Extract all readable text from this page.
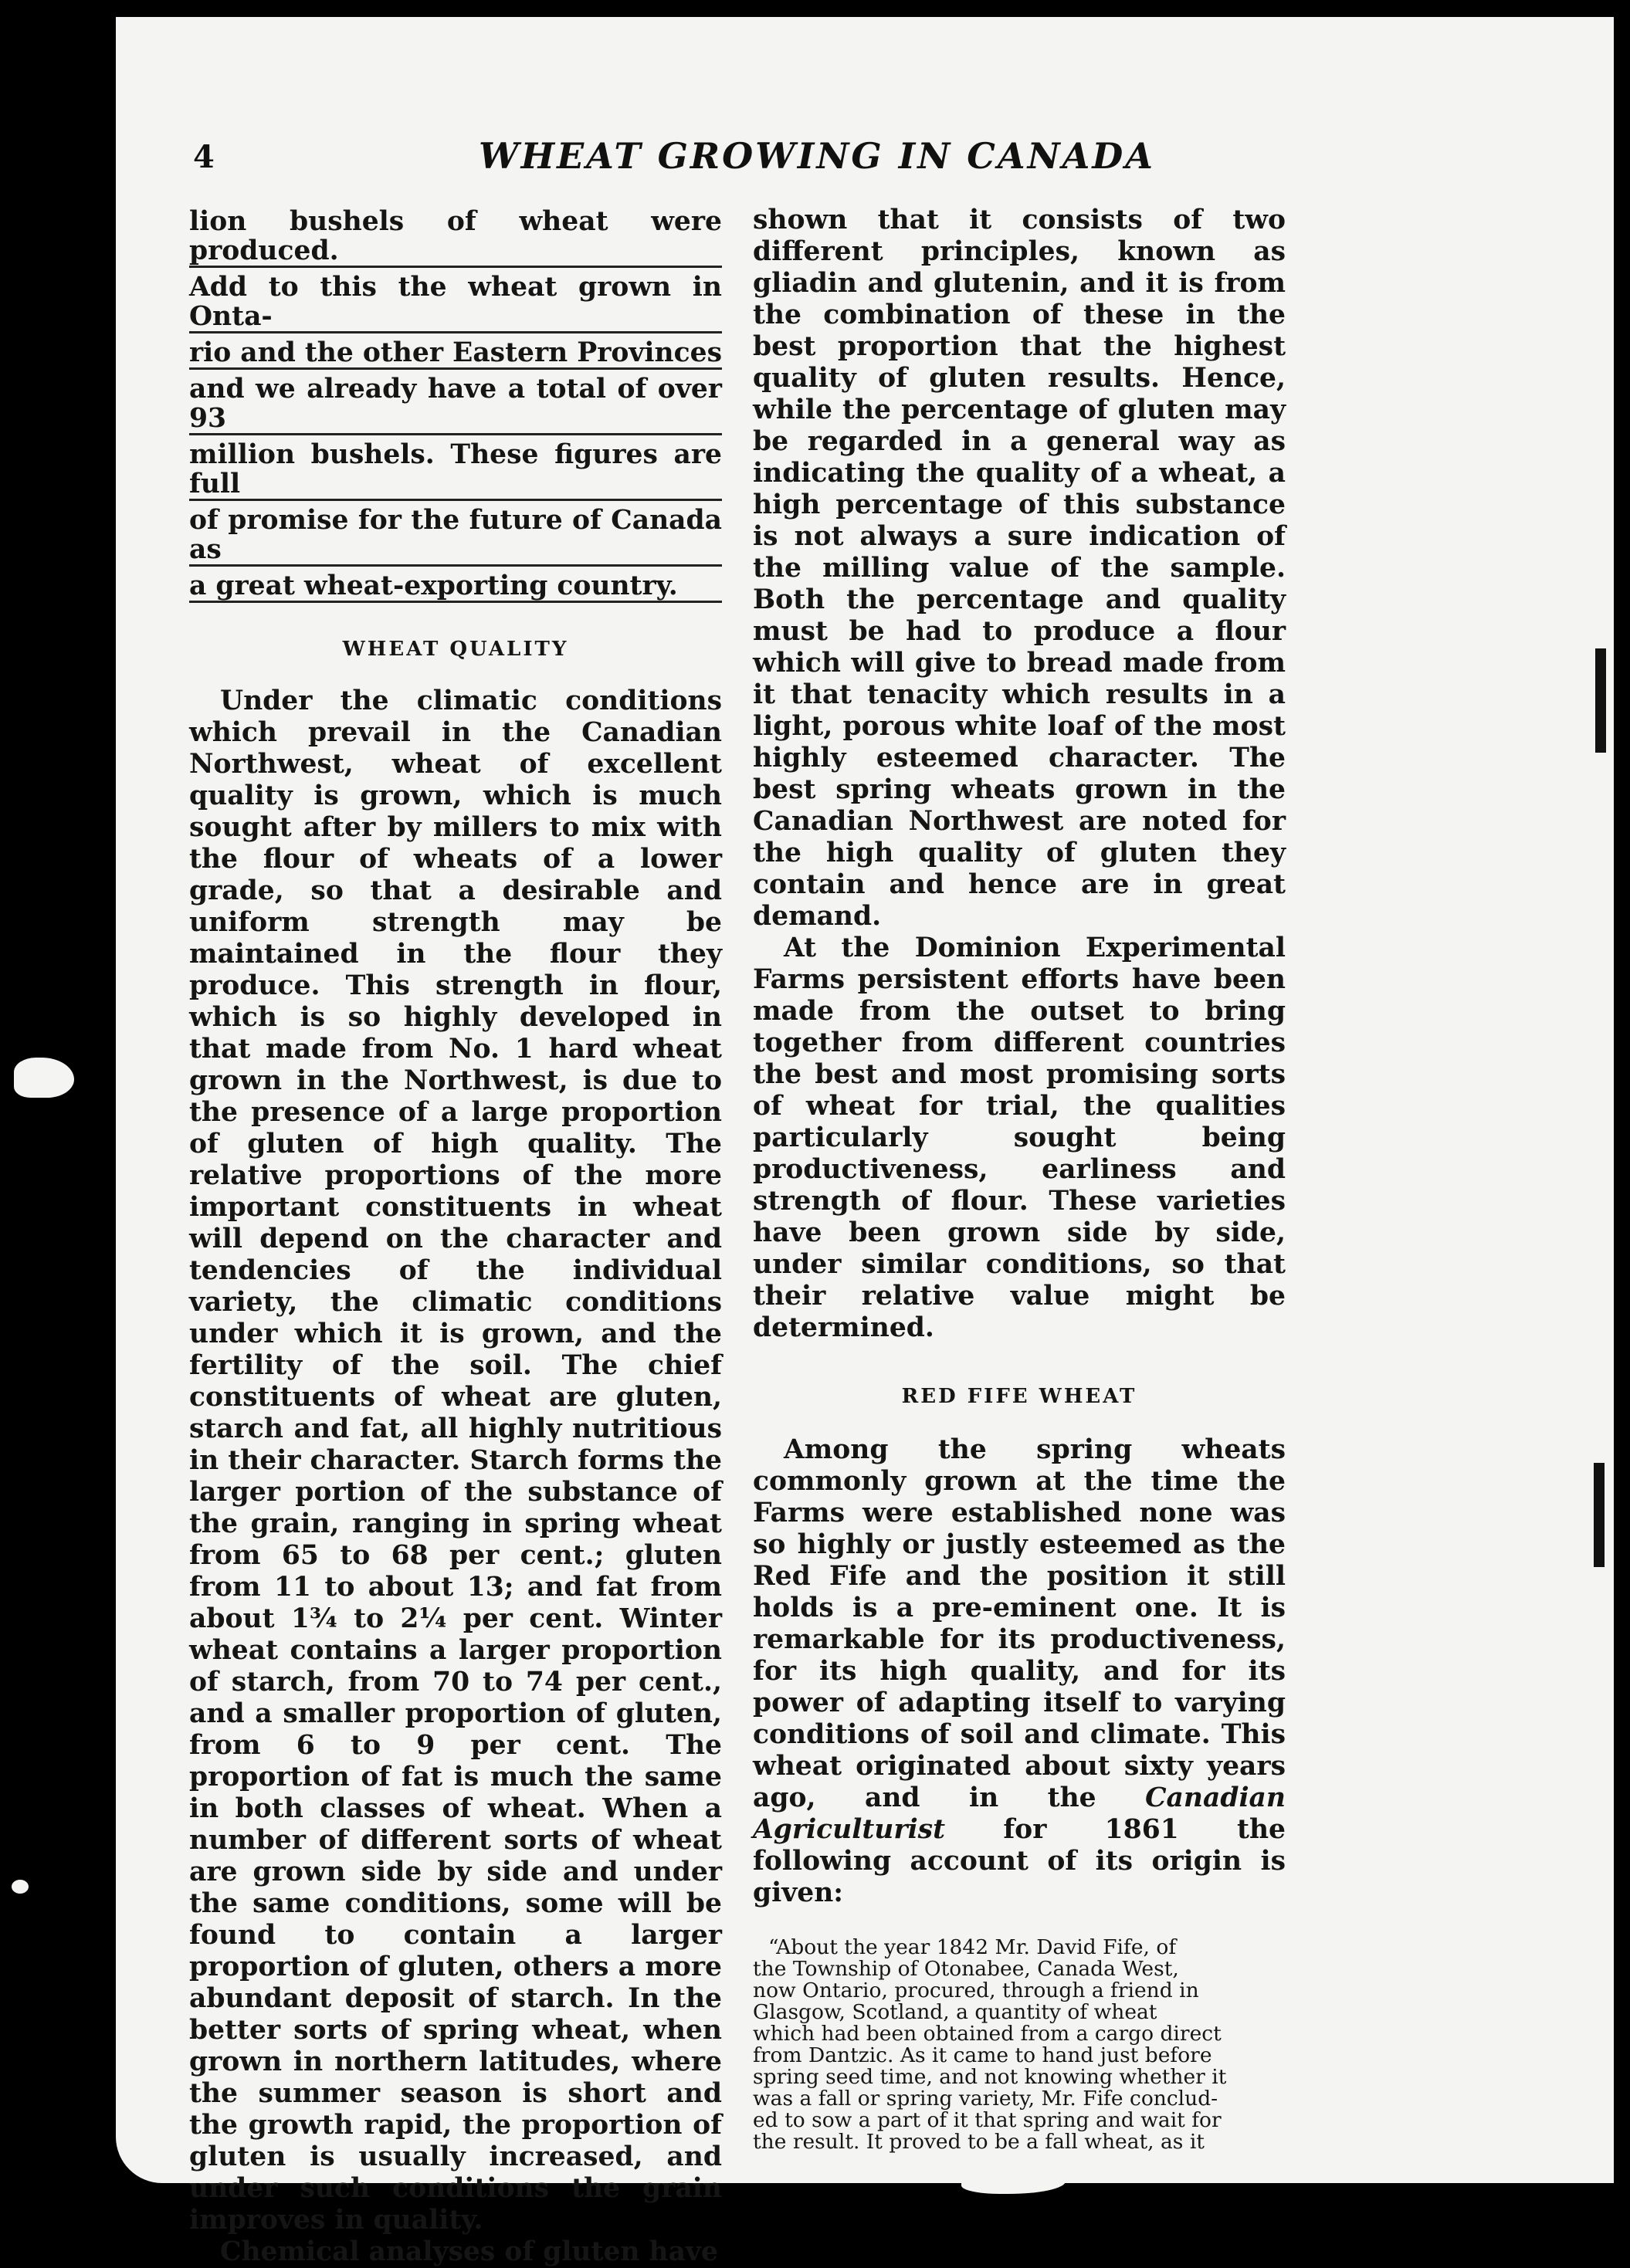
4	WHEAT GROWING IN CANADA
lion bushels of wheat were produced.
Add to this the wheat grown in Onta-
rio and the other Eastern Provinces
and we already have a total of over 93
million bushels. These figures are full
of promise for the future of Canada as
a great wheat-exporting country.
WHEAT QUALITY

Under the climatic conditions which prevail in the Canadian Northwest, wheat of excellent quality is grown, which is much sought after by millers to mix with the flour of wheats of a lower grade, so that a desirable and uniform strength may be maintained in the flour they produce. This strength in flour, which is so highly developed in that made from No. 1 hard wheat grown in the Northwest, is due to the presence of a large proportion of gluten of high quality. The relative proportions of the more important constituents in wheat will depend on the character and tendencies of the individual variety, the climatic conditions under which it is grown, and the fertility of the soil. The chief constituents of wheat are gluten, starch and fat, all highly nutritious in their character. Starch forms the larger portion of the substance of the grain, ranging in spring wheat from 65 to 68 per cent.; gluten from 11 to about 13; and fat from about 1¾ to 2¼ per cent. Winter wheat contains a larger proportion of starch, from 70 to 74 per cent., and a smaller proportion of gluten, from 6 to 9 per cent. The proportion of fat is much the same in both classes of wheat. When a number of different sorts of wheat are grown side by side and under the same conditions, some will be found to contain a larger proportion of gluten, others a more abundant deposit of starch. In the better sorts of spring wheat, when grown in northern latitudes, where the summer season is short and the growth rapid, the proportion of gluten is usually increased, and under such conditions the grain improves in quality.

Chemical analyses of gluten have

shown that it consists of two different principles, known as gliadin and glutenin, and it is from the combination of these in the best proportion that the highest quality of gluten results. Hence, while the percentage of gluten may be regarded in a general way as indicating the quality of a wheat, a high percentage of this substance is not always a sure indication of the milling value of the sample. Both the percentage and quality must be had to produce a flour which will give to bread made from it that tenacity which results in a light, porous white loaf of the most highly esteemed character. The best spring wheats grown in the Canadian Northwest are noted for the high quality of gluten they contain and hence are in great demand.

At the Dominion Experimental Farms persistent efforts have been made from the outset to bring together from different countries the best and most promising sorts of wheat for trial, the qualities particularly sought being productiveness, earliness and strength of flour. These varieties have been grown side by side, under similar conditions, so that their relative value might be determined.

RED FIFE WHEAT

Among the spring wheats commonly grown at the time the Farms were established none was so highly or justly esteemed as the Red Fife and the position it still holds is a pre-eminent one. It is remarkable for its productiveness, for its high quality, and for its power of adapting itself to varying conditions of soil and climate. This wheat originated about sixty years ago, and in the Canadian Agriculturist for 1861 the following account of its origin is given:

“About the year 1842 Mr. David Fife, of
the Township of Otonabee, Canada West,
now Ontario, procured, through a friend in
Glasgow, Scotland, a quantity of wheat
which had been obtained from a cargo direct
from Dantzic. As it came to hand just before
spring seed time, and not knowing whether it
was a fall or spring variety, Mr. Fife conclud-
ed to sow a part of it that spring and wait for
the result. It proved to be a fall wheat, as it
